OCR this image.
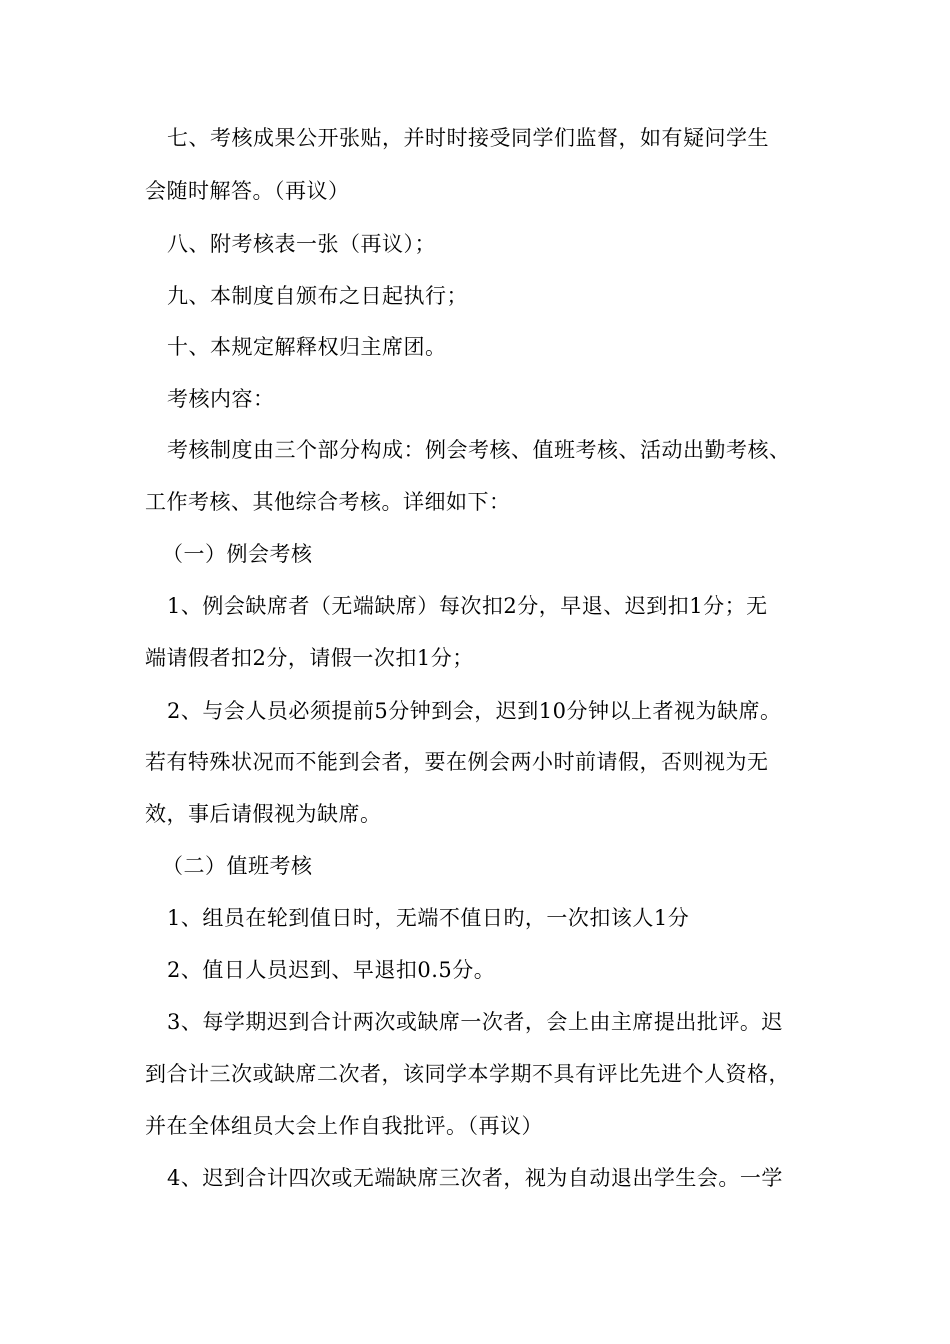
七、考核成果公开张贴，并时时接受同学们监督，如有疑问学生
会随时解答。（再议）
八、附考核表一张（再议）；
九、本制度自颁布之日起执行；
十、本规定解释权归主席团。
考核内容：
考核制度由三个部分构成：例会考核、值班考核、活动出勤考核、
工作考核、其他综合考核。详细如下：
（一）例会考核
1、例会缺席者（无端缺席）每次扣2分，早退、迟到扣1分；无
端请假者扣2分，请假一次扣1分；
2、与会人员必须提前5分钟到会，迟到10分钟以上者视为缺席。
若有特殊状况而不能到会者，要在例会两小时前请假，否则视为无
效，事后请假视为缺席。
（二）值班考核
1、组员在轮到值日时，无端不值日旳，一次扣该人1分
2、值日人员迟到、早退扣0.5分。
3、每学期迟到合计两次或缺席一次者，会上由主席提出批评。迟
到合计三次或缺席二次者，该同学本学期不具有评比先进个人资格，
并在全体组员大会上作自我批评。（再议）
4、迟到合计四次或无端缺席三次者，视为自动退出学生会。一学
